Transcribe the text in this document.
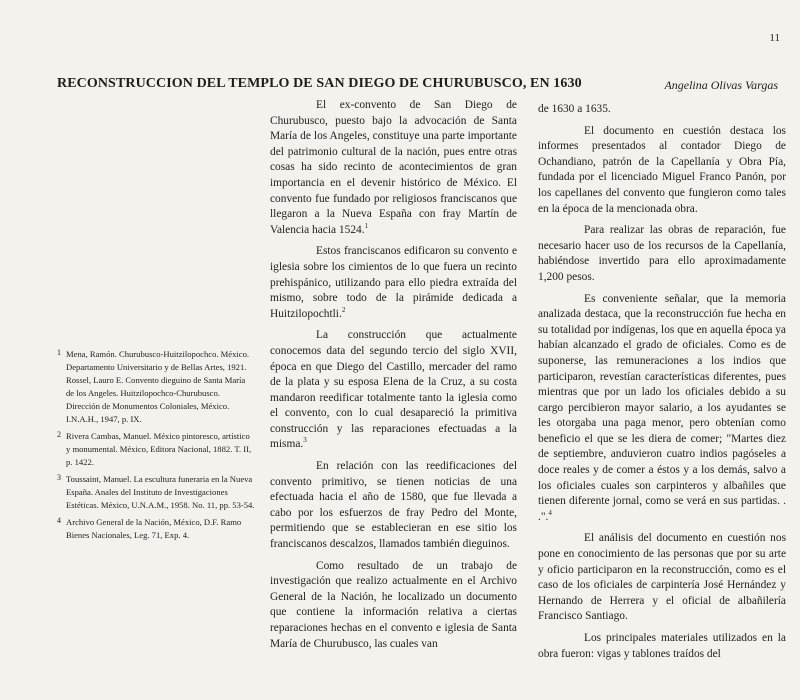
11
RECONSTRUCCION DEL TEMPLO DE SAN DIEGO DE CHURUBUSCO, EN 1630	Angelina Olivas Vargas
1 Mena, Ramón. Churubusco-Huitzilopochco. México. Departamento Universitario y de Bellas Artes, 1921. Rossel, Lauro E. Convento dieguino de Santa María de los Angeles. Huitzilopochco-Churubusco. Dirección de Monumentos Coloniales, México. I.N.A.H., 1947, p. IX.

2 Rivera Cambas, Manuel. México pintoresco, artístico y monumental. México, Editora Nacional, 1882. T. II, p. 1422.

3 Toussaint, Manuel. La escultura funeraria en la Nueva España. Anales del Instituto de Investigaciones Estéticas. México, U.N.A.M., 1958. No. 11, pp. 53-54.

4 Archivo General de la Nación, México, D.F. Ramo Bienes Nacionales, Leg. 71, Exp. 4.

El ex-convento de San Diego de Churubusco, puesto bajo la advocación de Santa María de los Angeles, constituye una parte importante del patrimonio cultural de la nación, pues entre otras cosas ha sido recinto de acontecimientos de gran importancia en el devenir histórico de México. El convento fue fundado por religiosos franciscanos que llegaron a la Nueva España con fray Martín de Valencia hacia 1524.$^1$

Estos franciscanos edificaron su convento e iglesia sobre los cimientos de lo que fuera un recinto prehispánico, utilizando para ello piedra extraída del mismo, sobre todo de la pirámide dedicada a Huitzilopochtli.$^2$

La construcción que actualmente conocemos data del segundo tercio del siglo XVII, época en que Diego del Castillo, mercader del ramo de la plata y su esposa Elena de la Cruz, a su costa mandaron reedificar totalmente tanto la iglesia como el convento, con lo cual desapareció la primitiva construcción y las reparaciones efectuadas a la misma.$^3$

En relación con las reedificaciones del convento primitivo, se tienen noticias de una efectuada hacia el año de 1580, que fue llevada a cabo por los esfuerzos de fray Pedro del Monte, permitiendo que se establecieran en ese sitio los franciscanos descalzos, llamados también dieguinos.

Como resultado de un trabajo de investigación que realizo actualmente en el Archivo General de la Nación, he localizado un documento que contiene la información relativa a ciertas reparaciones hechas en el convento e iglesia de Santa María de Churubusco, las cuales van

de 1630 a 1635.

El documento en cuestión destaca los informes presentados al contador Diego de Ochandiano, patrón de la Capellanía y Obra Pía, fundada por el licenciado Miguel Franco Panón, por los capellanes del convento que fungieron como tales en la época de la mencionada obra.

Para realizar las obras de reparación, fue necesario hacer uso de los recursos de la Capellanía, habiéndose invertido para ello aproximadamente 1,200 pesos.

Es conveniente señalar, que la memoria analizada destaca, que la reconstrucción fue hecha en su totalidad por indígenas, los que en aquella época ya habían alcanzado el grado de oficiales. Como es de suponerse, las remuneraciones a los indios que participaron, revestían características diferentes, pues mientras que por un lado los oficiales debido a su cargo percibieron mayor salario, a los ayudantes se les otorgaba una paga menor, pero obtenían como beneficio el que se les diera de comer; "Martes diez de septiembre, anduvieron cuatro indios pagóseles a doce reales y de comer a éstos y a los demás, salvo a los oficiales cuales son carpinteros y albañiles que tienen diferente jornal, como se verá en sus partidas. . .".$^4$

El análisis del documento en cuestión nos pone en conocimiento de las personas que por su arte y oficio participaron en la reconstrucción, como es el caso de los oficiales de carpintería José Hernández y Hernando de Herrera y el oficial de albañilería Francisco Santiago.

Los principales materiales utilizados en la obra fueron: vigas y tablones traídos del
